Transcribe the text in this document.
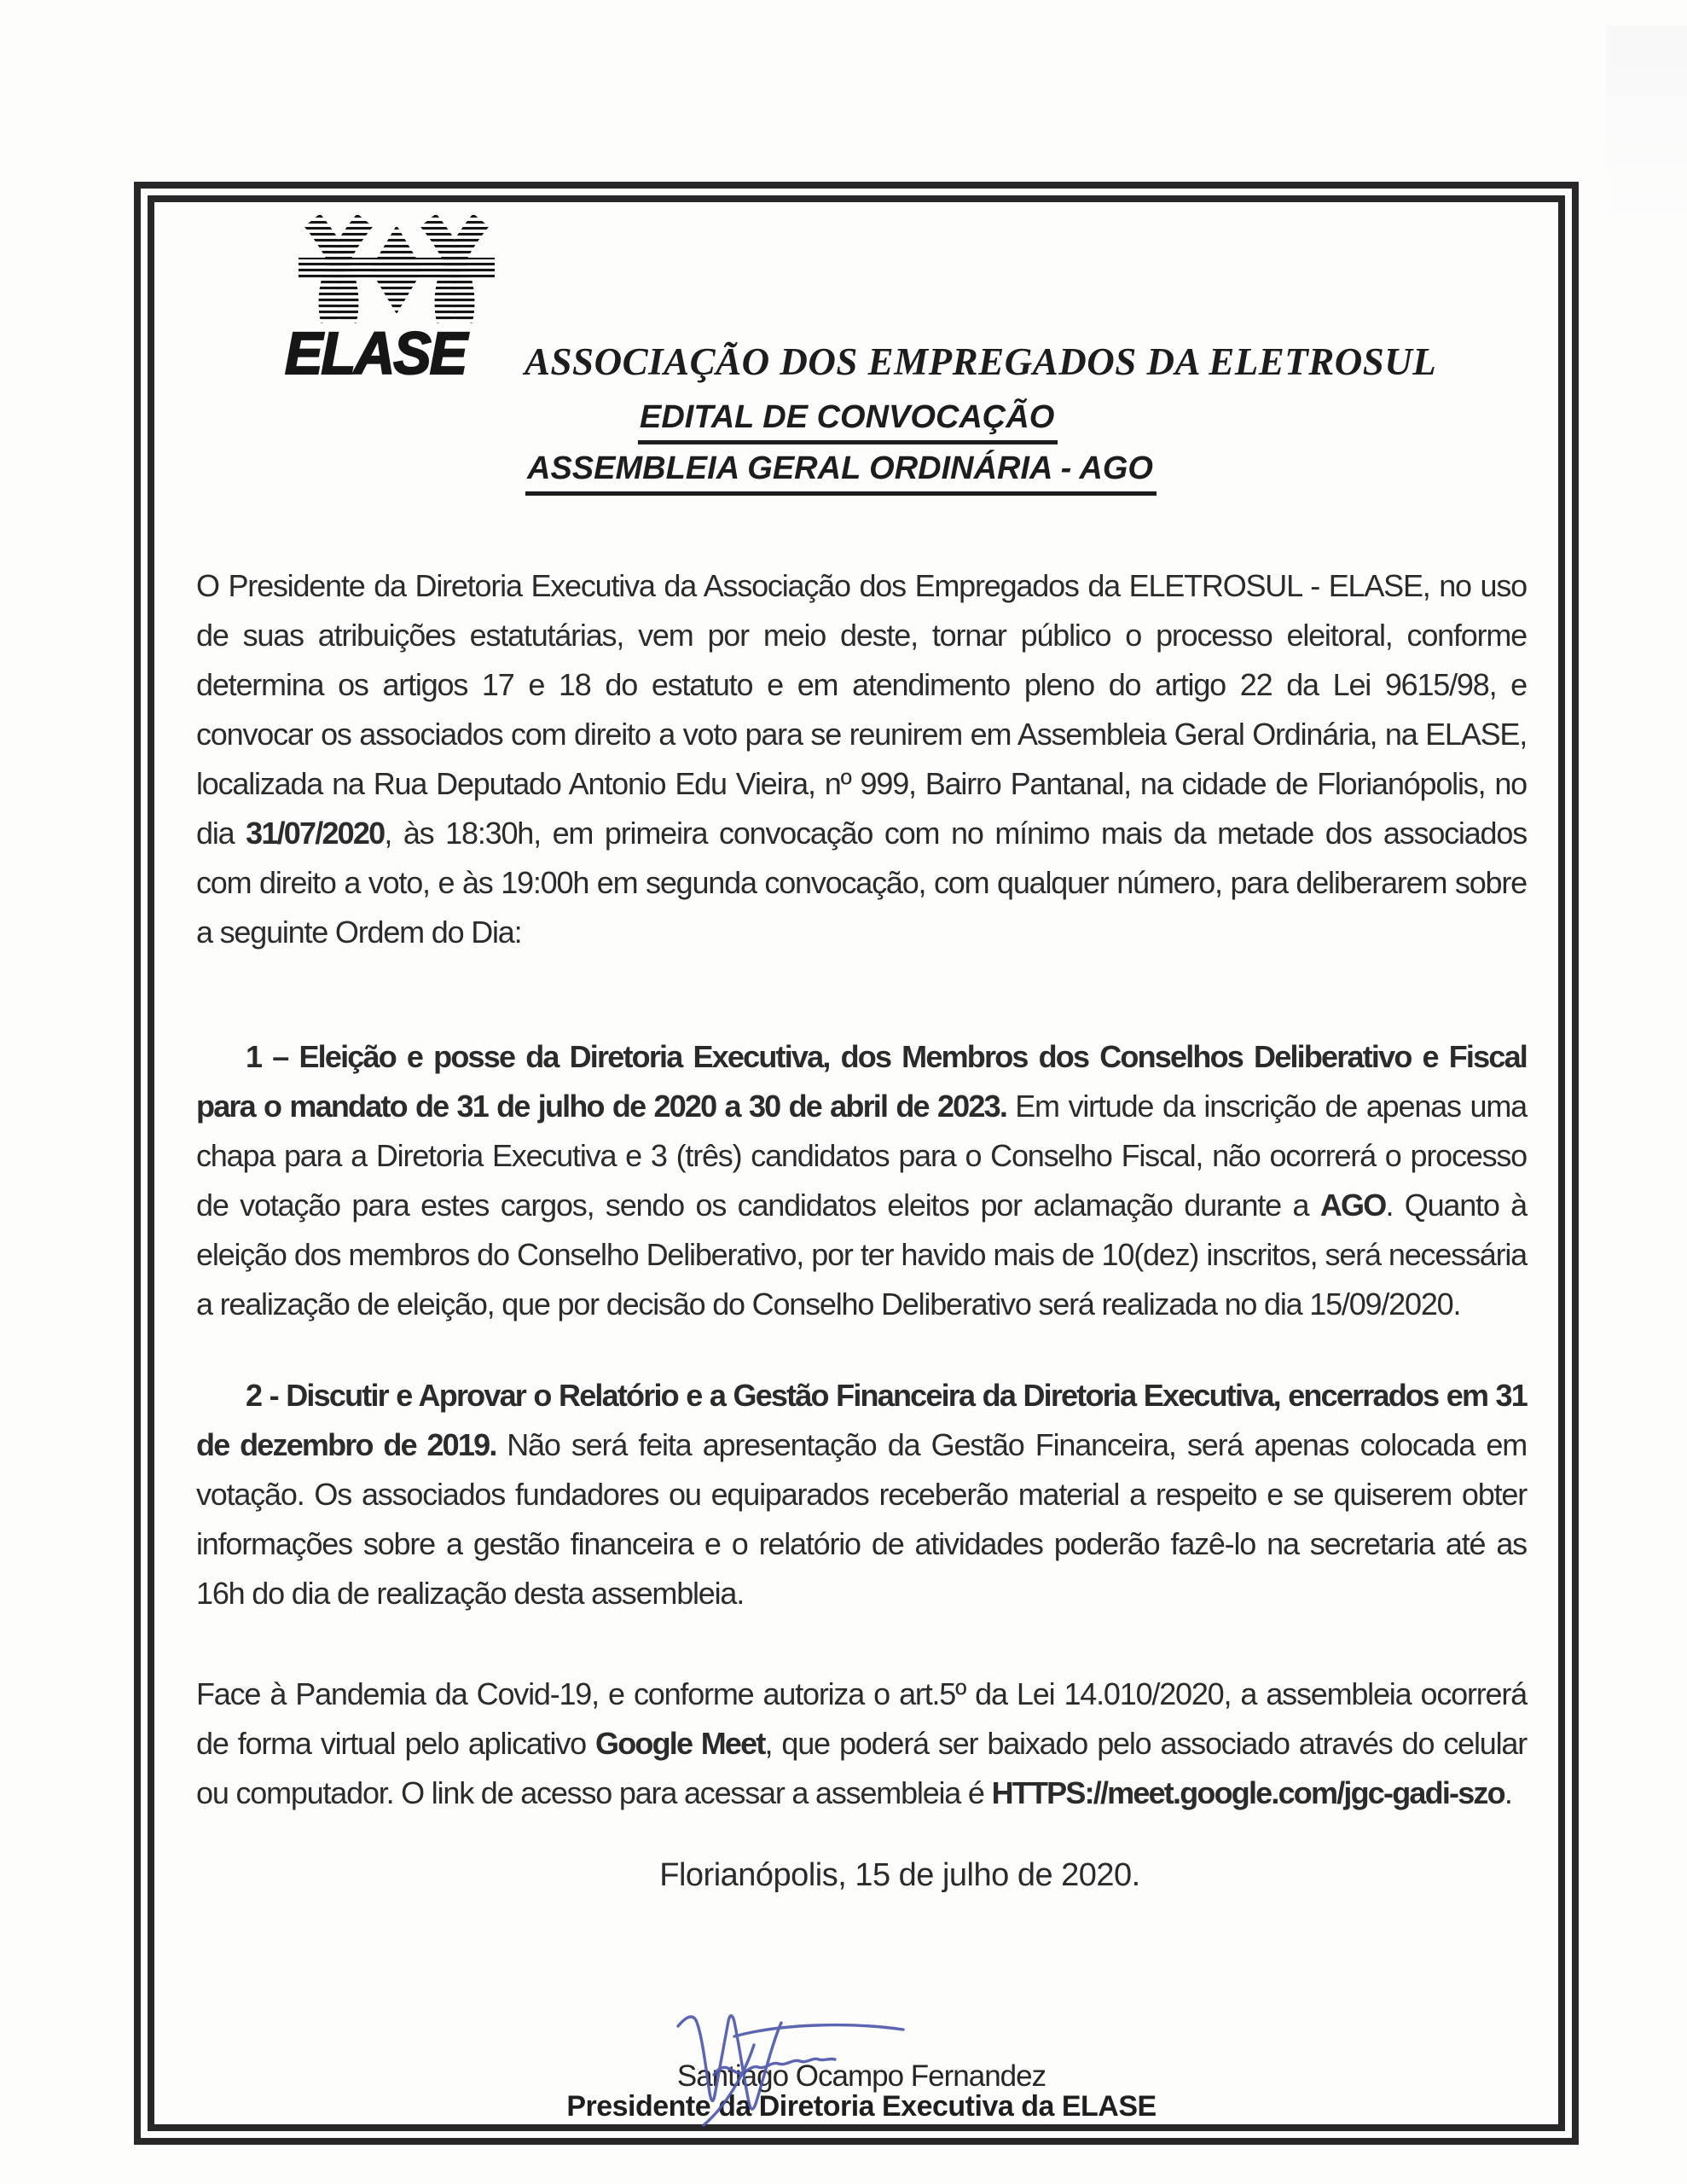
ELASE	ASSOCIAÇÃO DOS EMPREGADOS DA ELETROSUL
EDITAL DE CONVOCAÇÃO
ASSEMBLEIA GERAL ORDINÁRIA - AGO

O Presidente da Diretoria Executiva da Associação dos Empregados da ELETROSUL - ELASE, no uso de suas atribuições estatutárias, vem por meio deste, tornar público o processo eleitoral, conforme determina os artigos 17 e 18 do estatuto e em atendimento pleno do artigo 22 da Lei 9615/98, e convocar os associados com direito a voto para se reunirem em Assembleia Geral Ordinária, na ELASE, localizada na Rua Deputado Antonio Edu Vieira, nº 999, Bairro Pantanal, na cidade de Florianópolis, no dia 31/07/2020, às 18:30h, em primeira convocação com no mínimo mais da metade dos associados com direito a voto, e às 19:00h em segunda convocação, com qualquer número, para deliberarem sobre a seguinte Ordem do Dia:

1 – Eleição e posse da Diretoria Executiva, dos Membros dos Conselhos Deliberativo e Fiscal para o mandato de 31 de julho de 2020 a 30 de abril de 2023. Em virtude da inscrição de apenas uma chapa para a Diretoria Executiva e 3 (três) candidatos para o Conselho Fiscal, não ocorrerá o processo de votação para estes cargos, sendo os candidatos eleitos por aclamação durante a AGO. Quanto à eleição dos membros do Conselho Deliberativo, por ter havido mais de 10(dez) inscritos, será necessária a realização de eleição, que por decisão do Conselho Deliberativo será realizada no dia 15/09/2020.

2 - Discutir e Aprovar o Relatório e a Gestão Financeira da Diretoria Executiva, encerrados em 31 de dezembro de 2019. Não será feita apresentação da Gestão Financeira, será apenas colocada em votação. Os associados fundadores ou equiparados receberão material a respeito e se quiserem obter informações sobre a gestão financeira e o relatório de atividades poderão fazê-lo na secretaria até as 16h do dia de realização desta assembleia.

Face à Pandemia da Covid-19, e conforme autoriza o art.5º da Lei 14.010/2020, a assembleia ocorrerá de forma virtual pelo aplicativo Google Meet, que poderá ser baixado pelo associado através do celular ou computador. O link de acesso para acessar a assembleia é HTTPS://meet.google.com/jgc-gadi-szo.

Florianópolis, 15 de julho de 2020.
Santiago Ocampo Fernandez
Presidente da Diretoria Executiva da ELASE
